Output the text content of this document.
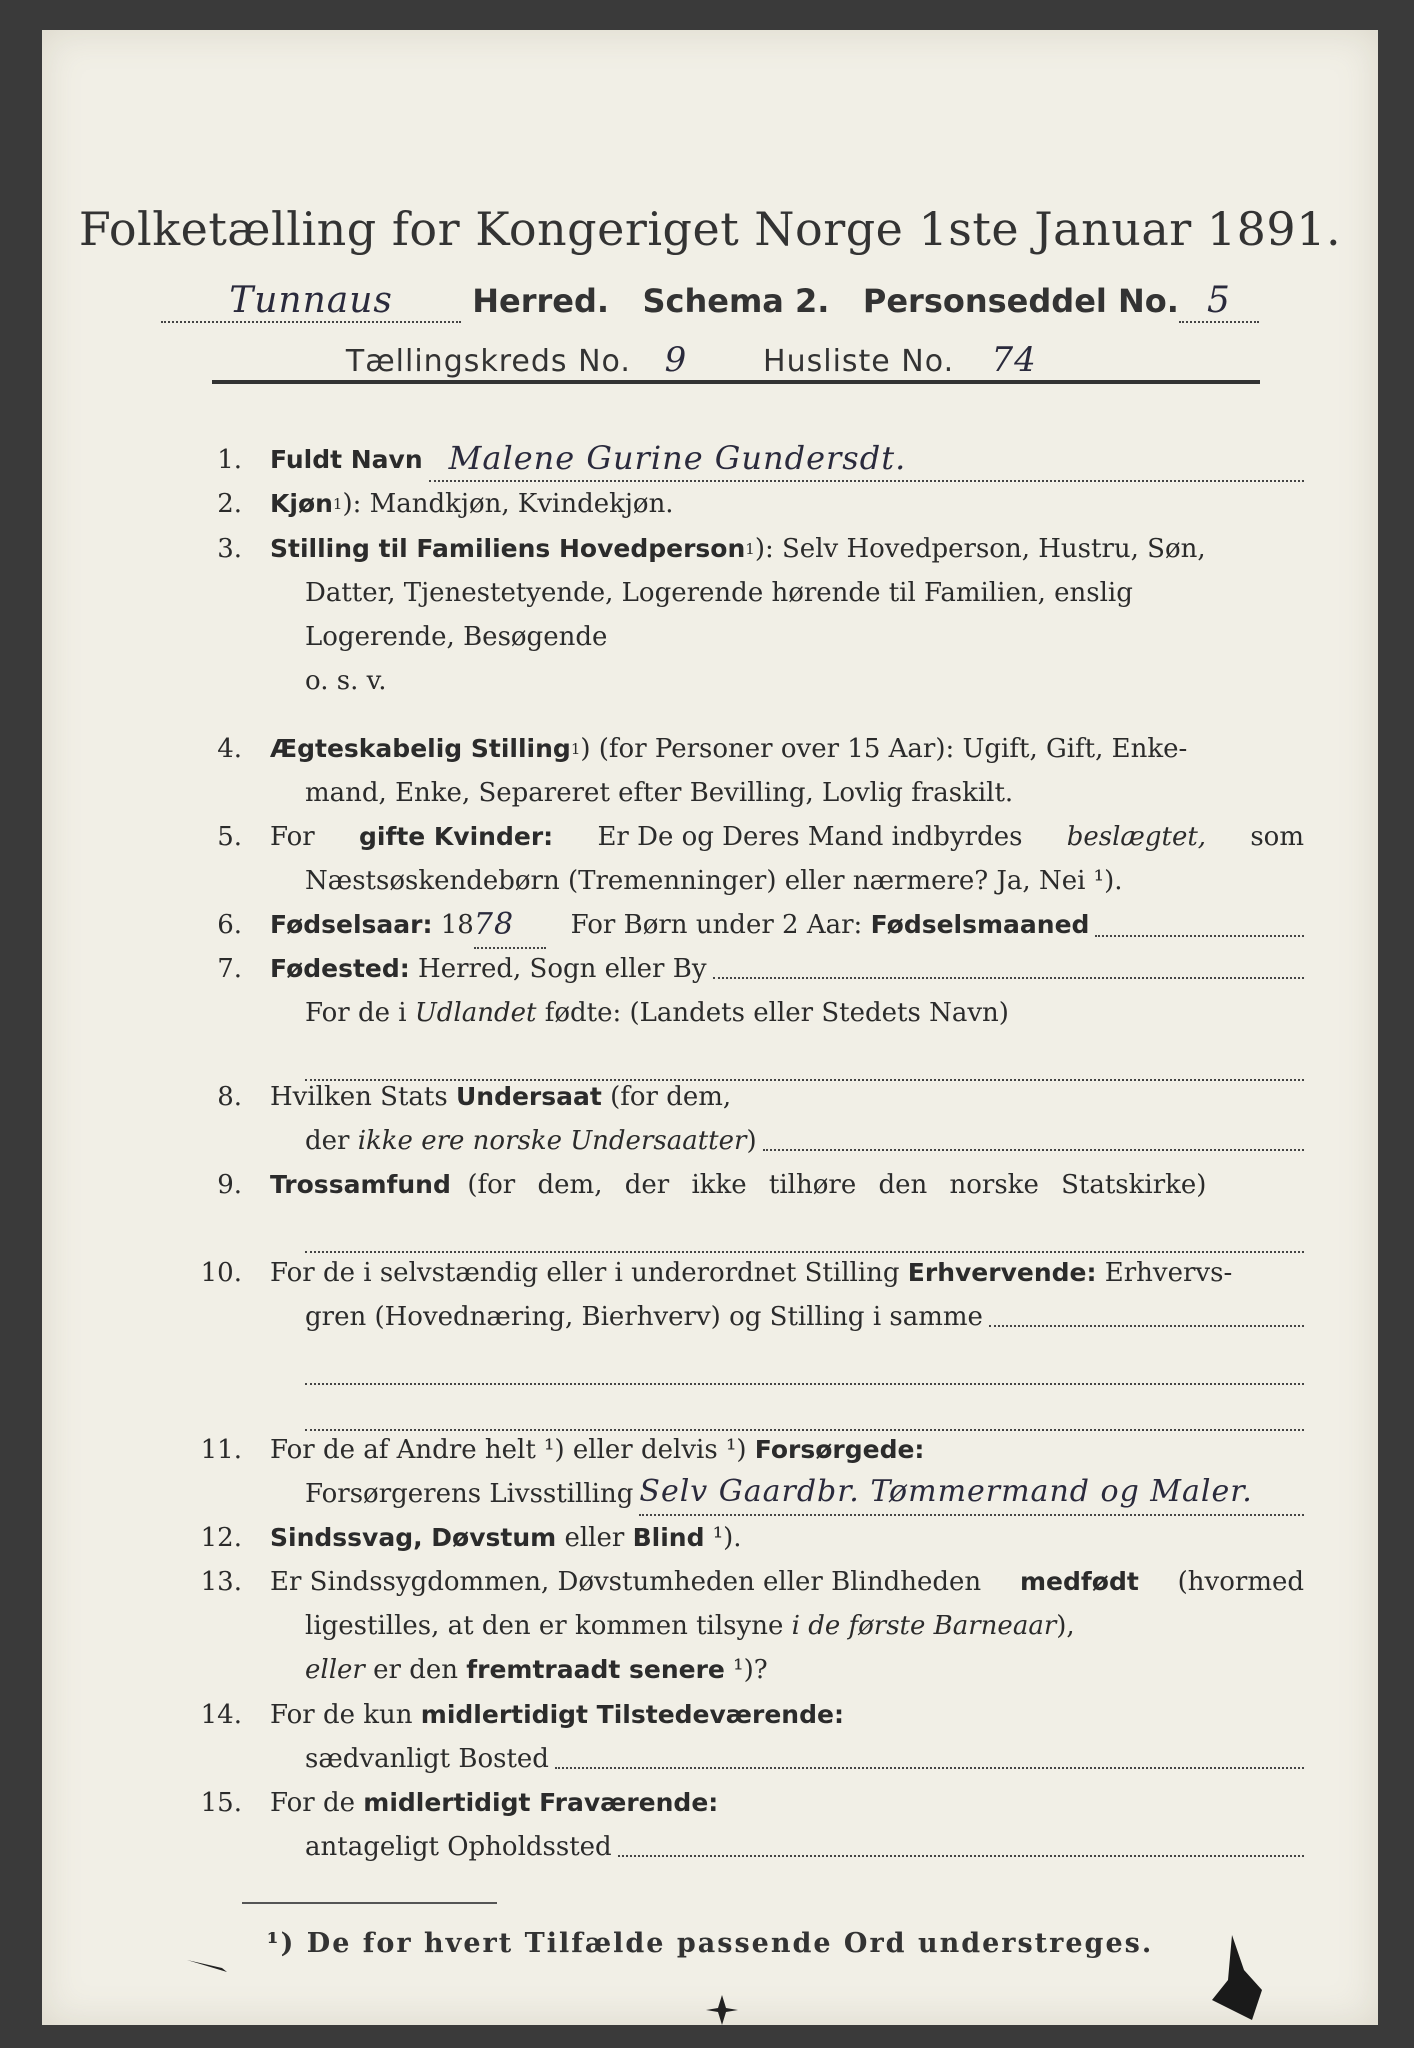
Folketælling for Kongeriget Norge 1ste Januar 1891.
Tunnaus Herred. Schema 2. Personseddel No. 5
Tællingskreds No. 9	Husliste No. 74
1. Fuldt Navn Malene Gurine Gundersdt.
2. Kjøn 1 ): Mandkjøn, Kvindekjøn.
3. Stilling til Familiens Hovedperson 1 ): Selv Hovedperson, Hustru, Søn,
Datter, Tjenestetyende, Logerende hørende til Familien, enslig
Logerende, Besøgende
o. s. v.
4. Ægteskabelig Stilling 1 ) (for Personer over 15 Aar): Ugift, Gift, Enke-
mand, Enke, Separeret efter Bevilling, Lovlig fraskilt.
5. For gifte Kvinder: Er De og Deres Mand indbyrdes beslægtet, som
Næstsøskendebørn (Tremenninger) eller nærmere? Ja, Nei ¹).
6. Fødselsaar:
18 78
	For Børn under 2 Aar:
Fødselsmaaned
7. Fødested:
Herred, Sogn eller By
For de i
Udlandet
fødte: (Landets eller Stedets Navn)
8. Hvilken Stats
Undersaat
(for dem,
der
ikke ere norske Undersaatter )
9. Trossamfund
(for dem, der ikke tilhøre den norske Statskirke)
10. For de i selvstændig eller i underordnet Stilling
Erhvervende:
Erhvervs-
gren (Hovednæring, Bierhverv) og Stilling i samme
11. For de af Andre helt ¹) eller delvis ¹)
Forsørgede:
Forsørgerens Livsstilling Selv Gaardbr. Tømmermand og Maler.
12. Sindssvag, Døvstum
eller
Blind
¹).
13. Er Sindssygdommen, Døvstumheden eller Blindheden medfødt (hvormed
ligestilles, at den er kommen tilsyne
i de første Barneaar ),
eller
er den
fremtraadt senere
¹)?
14. For de kun
midlertidigt Tilstedeværende:
sædvanligt Bosted
15. For de
midlertidigt Fraværende:
antageligt Opholdssted
¹) De for hvert Tilfælde passende Ord understreges.
